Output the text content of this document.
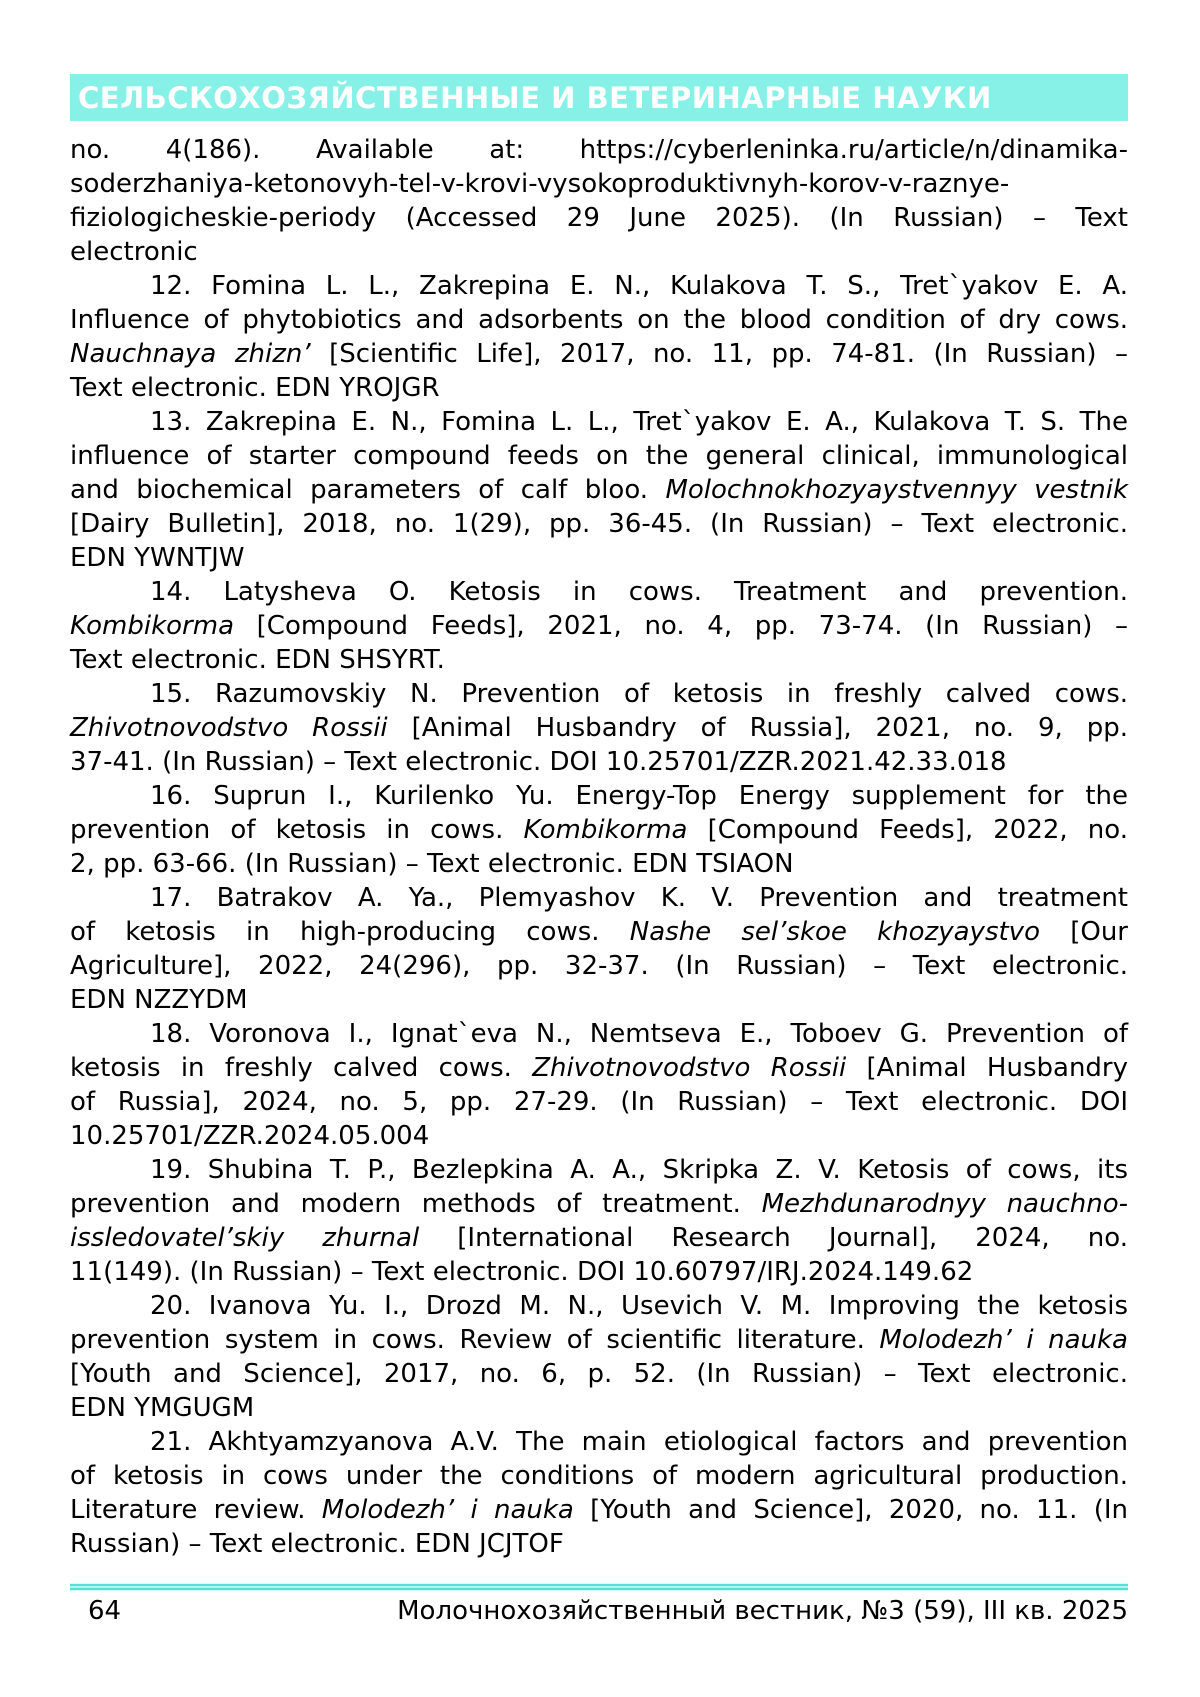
СЕЛЬСКОХОЗЯЙСТВЕННЫЕ И ВЕТЕРИНАРНЫЕ НАУКИ
no. 4(186). Available at: https://cyberleninka.ru/article/n/dinamika-
soderzhaniya-ketonovyh-tel-v-krovi-vysokoproduktivnyh-korov-v-raznye-
fiziologicheskie-periody (Accessed 29 June 2025). (In Russian) – Text
electronic
12. Fomina L. L., Zakrepina E. N., Kulakova T. S., Tret`yakov E. A.
Influence of phytobiotics and adsorbents on the blood condition of dry cows.
Nauchnaya zhizn’ [Scientific Life], 2017, no. 11, pp. 74-81. (In Russian) –
Text electronic. EDN YROJGR
13. Zakrepina E. N., Fomina L. L., Tret`yakov E. A., Kulakova T. S. The
influence of starter compound feeds on the general clinical, immunological
and biochemical parameters of calf bloo. Molochnokhozyaystvennyy vestnik
[Dairy Bulletin], 2018, no. 1(29), pp. 36-45. (In Russian) – Text electronic.
EDN YWNTJW
14. Latysheva O. Ketosis in cows. Treatment and prevention.
Kombikorma [Compound Feeds], 2021, no. 4, pp. 73-74. (In Russian) –
Text electronic. EDN SHSYRT.
15. Razumovskiy N. Prevention of ketosis in freshly calved cows.
Zhivotnovodstvo Rossii [Animal Husbandry of Russia], 2021, no. 9, pp.
37-41. (In Russian) – Text electronic. DOI 10.25701/ZZR.2021.42.33.018
16. Suprun I., Kurilenko Yu. Energy-Top Energy supplement for the
prevention of ketosis in cows. Kombikorma [Compound Feeds], 2022, no.
2, pp. 63-66. (In Russian) – Text electronic. EDN TSIAON
17. Batrakov A. Ya., Plemyashov K. V. Prevention and treatment
of ketosis in high-producing cows. Nashe sel’skoe khozyaystvo [Our
Agriculture], 2022, 24(296), pp. 32-37. (In Russian) – Text electronic.
EDN NZZYDM
18. Voronova I., Ignat`eva N., Nemtseva E., Toboev G. Prevention of
ketosis in freshly calved cows. Zhivotnovodstvo Rossii [Animal Husbandry
of Russia], 2024, no. 5, pp. 27-29. (In Russian) – Text electronic. DOI
10.25701/ZZR.2024.05.004
19. Shubina T. P., Bezlepkina A. A., Skripka Z. V. Ketosis of cows, its
prevention and modern methods of treatment. Mezhdunarodnyy nauchno-
issledovatel’skiy zhurnal [International Research Journal], 2024, no.
11(149). (In Russian) – Text electronic. DOI 10.60797/IRJ.2024.149.62
20. Ivanova Yu. I., Drozd M. N., Usevich V. M. Improving the ketosis
prevention system in cows. Review of scientific literature. Molodezh’ i nauka
[Youth and Science], 2017, no. 6, p. 52. (In Russian) – Text electronic.
EDN YMGUGM
21. Akhtyamzyanova A.V. The main etiological factors and prevention
of ketosis in cows under the conditions of modern agricultural production.
Literature review. Molodezh’ i nauka [Youth and Science], 2020, no. 11. (In
Russian) – Text electronic. EDN JCJTOF
64	Молочнохозяйственный вестник, №3 (59), III кв. 2025
